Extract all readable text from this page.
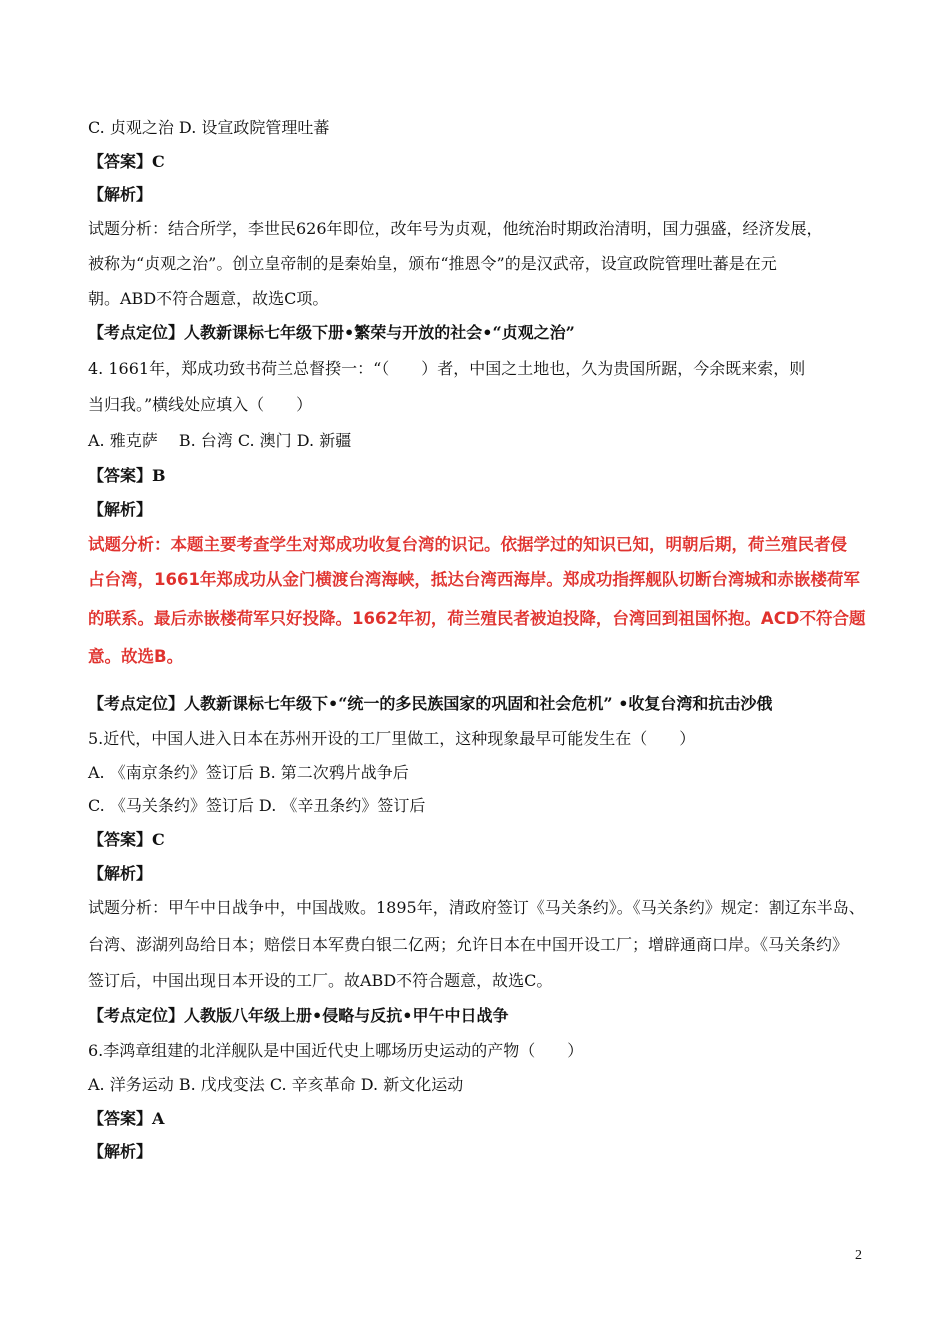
C. 贞观之治 D. 设宣政院管理吐蕃
【答案】C
【解析】
试题分析：结合所学，李世民626年即位，改年号为贞观，他统治时期政治清明，国力强盛，经济发展，
被称为“贞观之治”。创立皇帝制的是秦始皇，颁布“推恩令”的是汉武帝，设宣政院管理吐蕃是在元
朝。ABD不符合题意，故选C项。
【考点定位】人教新课标七年级下册•繁荣与开放的社会•“贞观之治”
4. 1661年，郑成功致书荷兰总督揆一：“（　　）者，中国之土地也，久为贵国所踞，今余既来索，则
当归我。”横线处应填入（　　）
A. 雅克萨　 B. 台湾 C. 澳门 D. 新疆
【答案】B
【解析】
试题分析：本题主要考查学生对郑成功收复台湾的识记。依据学过的知识已知，明朝后期，荷兰殖民者侵
占台湾，1661年郑成功从金门横渡台湾海峡，抵达台湾西海岸。郑成功指挥舰队切断台湾城和赤嵌楼荷军
的联系。最后赤嵌楼荷军只好投降。1662年初，荷兰殖民者被迫投降，台湾回到祖国怀抱。ACD不符合题
意。故选B。
【考点定位】人教新课标七年级下•“统一的多民族国家的巩固和社会危机” •收复台湾和抗击沙俄
5.近代，中国人进入日本在苏州开设的工厂里做工，这种现象最早可能发生在（　　）
A. 《南京条约》签订后 B. 第二次鸦片战争后
C. 《马关条约》签订后 D. 《辛丑条约》签订后
【答案】C
【解析】
试题分析：甲午中日战争中，中国战败。1895年，清政府签订《马关条约》。《马关条约》规定：割辽东半岛、
台湾、澎湖列岛给日本；赔偿日本军费白银二亿两；允许日本在中国开设工厂；增辟通商口岸。《马关条约》
签订后，中国出现日本开设的工厂。故ABD不符合题意，故选C。
【考点定位】人教版八年级上册•侵略与反抗•甲午中日战争
6.李鸿章组建的北洋舰队是中国近代史上哪场历史运动的产物（　　）
A. 洋务运动 B. 戊戌变法 C. 辛亥革命 D. 新文化运动
【答案】A
【解析】
2
